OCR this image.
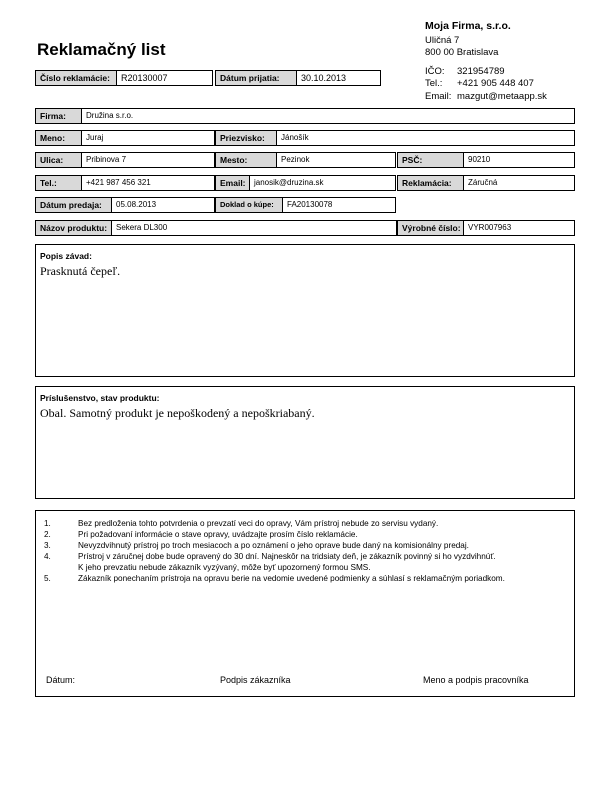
Reklamačný list
Moja Firma, s.r.o.
Uličná 7
800 00 Bratislava
IČO:	321954789
Tel.:	+421 905 448 407
Email: mazgut@metaapp.sk
Číslo reklamácie:	R20130007	Dátum prijatia:	30.10.2013
Firma:	Družina s.r.o.
Meno:	Juraj	Priezvisko:	Jánošík
Ulica:	Pribinova 7	Mesto:	Pezinok	PSČ:	90210
Tel.:	+421 987 456 321	Email:	janosik@druzina.sk	Reklamácia:	Záručná
Dátum predaja:	05.08.2013	Doklad o kúpe:	FA20130078
Názov produktu:	Sekera DL300	Výrobné číslo: VYR007963
Popis závad:
Prasknutá čepeľ.
Príslušenstvo, stav produktu:
Obal. Samotný produkt je nepoškodený a nepoškriabaný.
1.	Bez predloženia tohto potvrdenia o prevzatí veci do opravy, Vám prístroj nebude zo servisu vydaný.
2.	Pri požadovaní informácie o stave opravy, uvádzajte prosím číslo reklamácie.
3.	Nevyzdvihnutý prístroj po troch mesiacoch a po oznámení o jeho oprave bude daný na komisionálny predaj.
4.	Prístroj v záručnej dobe bude opravený do 30 dní. Najneskôr na tridsiaty deň, je zákazník povinný si ho vyzdvihnúť.
K jeho prevzatiu nebude zákazník vyzývaný, môže byť upozornený formou SMS.
5.	Zákazník ponechaním prístroja na opravu berie na vedomie uvedené podmienky a súhlasí s reklamačným poriadkom.
Dátum:	Podpis zákazníka	Meno a podpis pracovníka
